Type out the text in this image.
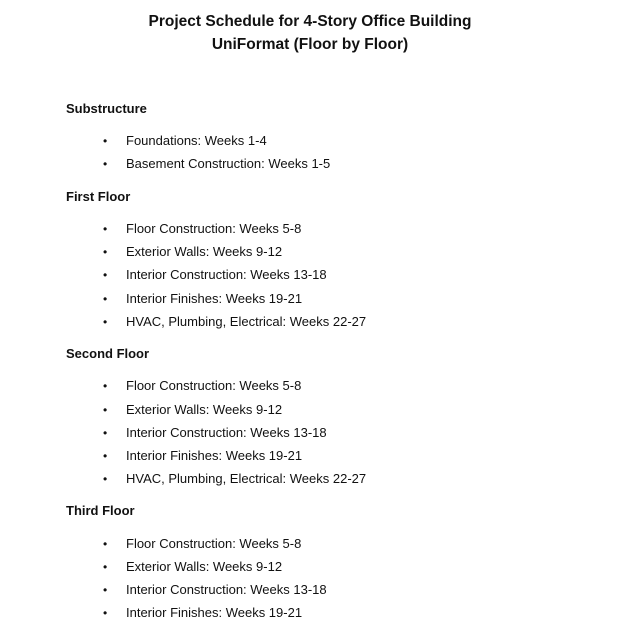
Project Schedule for 4-Story Office Building
UniFormat (Floor by Floor)
Substructure
• Foundations: Weeks 1-4
• Basement Construction: Weeks 1-5
First Floor
• Floor Construction: Weeks 5-8
• Exterior Walls: Weeks 9-12
• Interior Construction: Weeks 13-18
• Interior Finishes: Weeks 19-21
• HVAC, Plumbing, Electrical: Weeks 22-27
Second Floor
• Floor Construction: Weeks 5-8
• Exterior Walls: Weeks 9-12
• Interior Construction: Weeks 13-18
• Interior Finishes: Weeks 19-21
• HVAC, Plumbing, Electrical: Weeks 22-27
Third Floor
• Floor Construction: Weeks 5-8
• Exterior Walls: Weeks 9-12
• Interior Construction: Weeks 13-18
• Interior Finishes: Weeks 19-21
